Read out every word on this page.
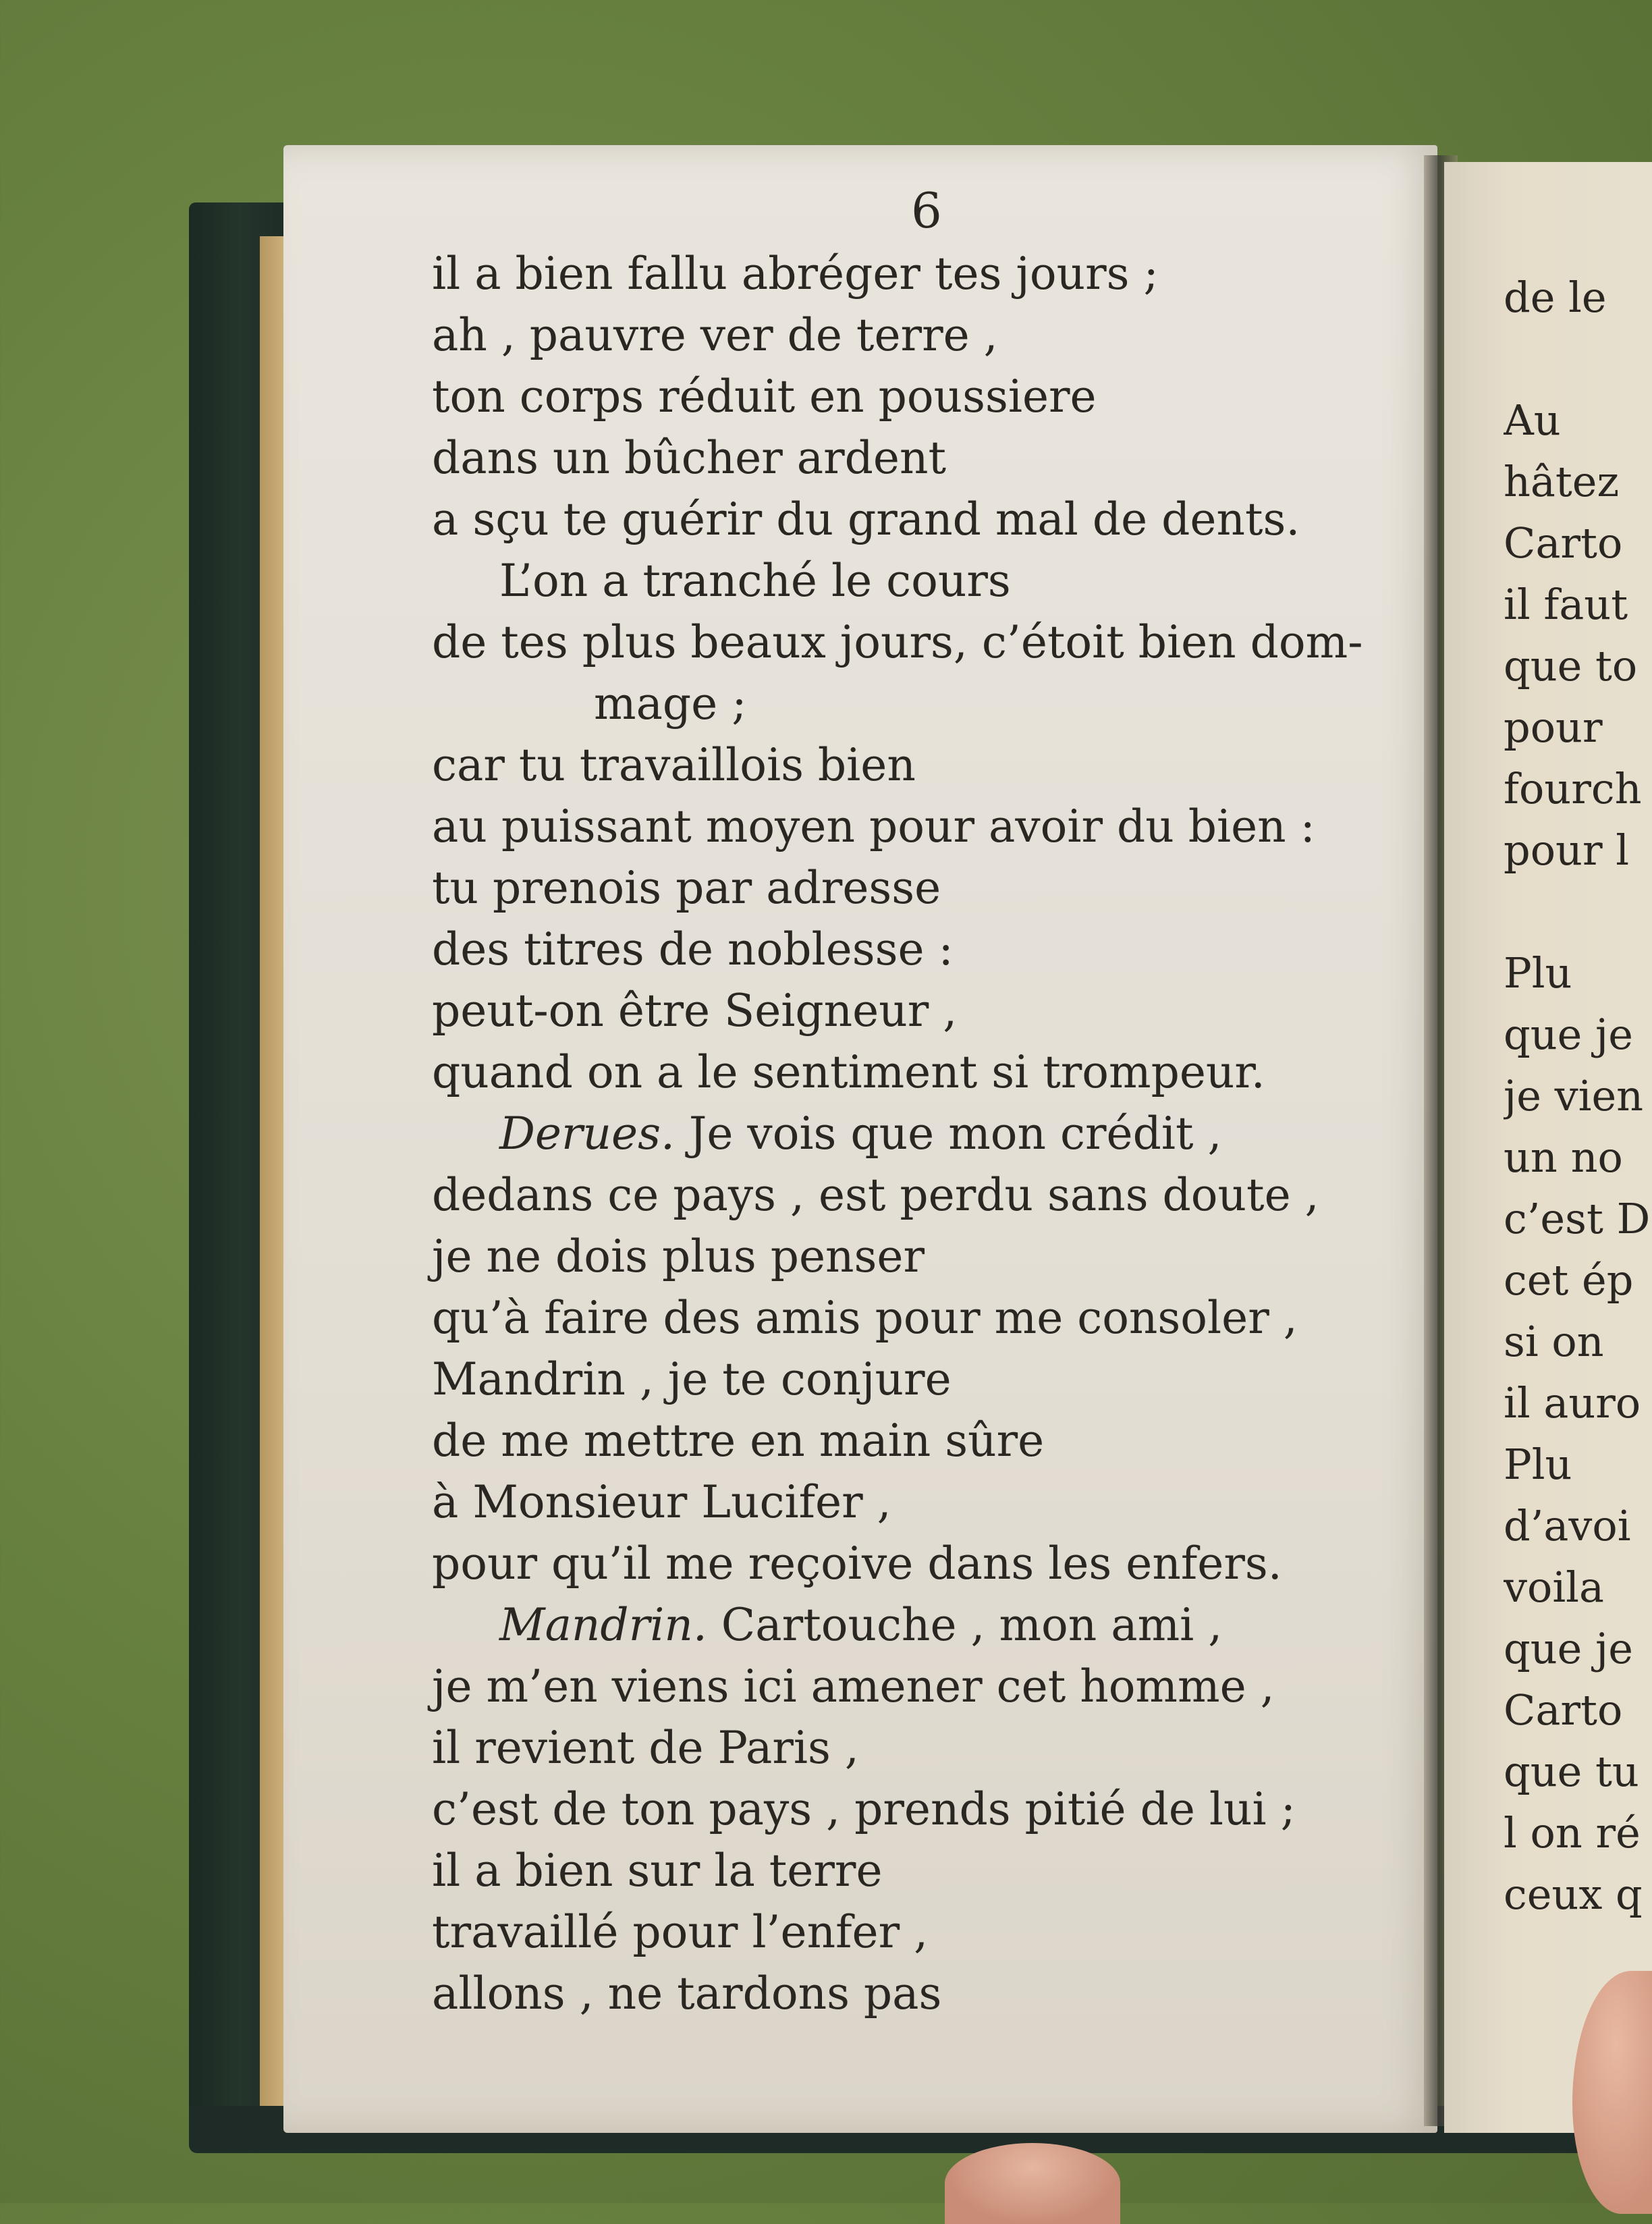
6
il a bien fallu abréger tes jours ;
ah , pauvre ver de terre ,
ton corps réduit en poussiere
dans un bûcher ardent
a sçu te guérir du grand mal de dents.
L’on a tranché le cours
de tes plus beaux jours, c’étoit bien dom-
mage ;
car tu travaillois bien
au puissant moyen pour avoir du bien :
tu prenois par adresse
des titres de noblesse :
peut-on être Seigneur ,
quand on a le sentiment si trompeur.
Derues. Je vois que mon crédit ,
dedans ce pays , est perdu sans doute ,
je ne dois plus penser
qu’à faire des amis pour me consoler ,
Mandrin , je te conjure
de me mettre en main sûre
à Monsieur Lucifer ,
pour qu’il me reçoive dans les enfers.
Mandrin. Cartouche , mon ami ,
je m’en viens ici amener cet homme ,
il revient de Paris ,
c’est de ton pays , prends pitié de lui ;
il a bien sur la terre
travaillé pour l’enfer ,
allons , ne tardons pas
de le
Au
hâtez
Carto
il faut
que to
pour
fourch
pour l
Plu
que je
je vien
un no
c’est D
cet ép
si on
il auro
Plu
d’avoi
voila
que je
Carto
que tu
l on ré
ceux q
